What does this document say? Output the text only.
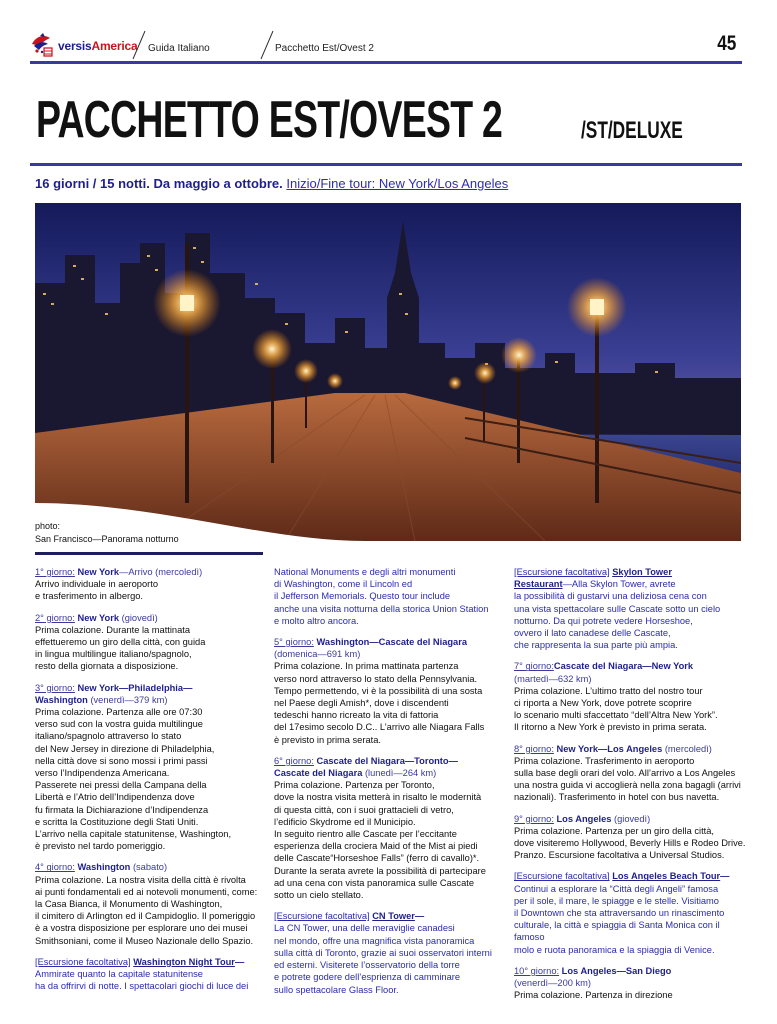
versisAmerica Guida Italiano	Pacchetto Est/Ovest 2	45
PACCHETTO EST/OVEST 2	/ST/DELUXE
16 giorni / 15 notti. Da maggio a ottobre. Inizio/Fine tour: New York/Los Angeles
photo:
San Francisco—Panorama notturno

1° giorno: New York—Arrivo (mercoledì)
Arrivo individuale in aeroporto
e trasferimento in albergo.

2° giorno: New York (giovedì)
Prima colazione. Durante la mattinata
effettueremo un giro della città, con guida
in lingua multilingue italiano/spagnolo,
resto della giornata a disposizione.

3° giorno: New York—Philadelphia—
Washington (venerdì—379 km)
Prima colazione. Partenza alle ore 07:30
verso sud con la vostra guida multilingue
italiano/spagnolo attraverso lo stato
del New Jersey in direzione di Philadelphia,
nella città dove si sono mossi i primi passi
verso l’Indipendenza Americana.
Passerete nei pressi della Campana della
Libertà e l’Atrio dell’Indipendenza dove
fu firmata la Dichiarazione d’Indipendenza
e scritta la Costituzione degli Stati Uniti.
L’arrivo nella capitale statunitense, Washington,
è previsto nel tardo pomeriggio.

4° giorno: Washington (sabato)
Prima colazione. La nostra visita della città è rivolta
ai punti fondamentali ed ai notevoli monumenti, come:
la Casa Bianca, il Monumento di Washington,
il cimitero di Arlington ed il Campidoglio. Il pomeriggio
è a vostra disposizione per esplorare uno dei musei
Smithsoniani, come il Museo Nazionale dello Spazio.

[Escursione facoltativa] Washington Night Tour—
Ammirate quanto la capitale statunitense
ha da offrirvi di notte. I spettacolari giochi di luce dei

National Monuments e degli altri monumenti
di Washington, come il Lincoln ed
il Jefferson Memorials. Questo tour include
anche una visita notturna della storica Union Station
e molto altro ancora.

5° giorno: Washington—Cascate del Niagara
(domenica—691 km)
Prima colazione. In prima mattinata partenza
verso nord attraverso lo stato della Pennsylvania.
Tempo permettendo, vi è la possibilità di una sosta
nel Paese degli Amish*, dove i discendenti
tedeschi hanno ricreato la vita di fattoria
del 17esimo secolo D.C.. L’arrivo alle Niagara Falls
è previsto in prima serata.

6° giorno: Cascate del Niagara—Toronto—
Cascate del Niagara (lunedì—264 km)
Prima colazione. Partenza per Toronto,
dove la nostra visita metterà in risalto le modernità
di questa città, con i suoi grattacieli di vetro,
l’edificio Skydrome ed il Municipio.
In seguito rientro alle Cascate per l’eccitante
esperienza della crociera Maid of the Mist ai piedi
delle Cascate“Horseshoe Falls” (ferro di cavallo)*.
Durante la serata avrete la possibilità di partecipare
ad una cena con vista panoramica sulle Cascate
sotto un cielo stellato.

[Escursione facoltativa] CN Tower—
La CN Tower, una delle meraviglie canadesi
nel mondo, offre una magnifica vista panoramica
sulla città di Toronto, grazie ai suoi osservatori interni
ed esterni. Visiterete l’osservatorio della torre
e potrete godere dell’esprienza di camminare
sullo spettacolare Glass Floor.

[Escursione facoltativa] Skylon Tower
Restaurant—Alla Skylon Tower, avrete
la possibilità di gustarvi una deliziosa cena con
una vista spettacolare sulle Cascate sotto un cielo
notturno. Da qui potrete vedere Horseshoe,
ovvero il lato canadese delle Cascate,
che rappresenta la sua parte più ampia.

7° giorno:Cascate del Niagara—New York
(martedì—632 km)
Prima colazione. L’ultimo tratto del nostro tour
ci riporta a New York, dove potrete scoprire
lo scenario multi sfaccettato “dell’Altra New York”.
Il ritorno a New York è previsto in prima serata.

8° giorno: New York—Los Angeles (mercoledì)
Prima colazione. Trasferimento in aeroporto
sulla base degli orari del volo. All’arrivo a Los Angeles
una nostra guida vi accoglierà nella zona bagagli (arrivi
nazionali). Trasferimento in hotel con bus navetta.

9° giorno: Los Angeles (giovedì)
Prima colazione. Partenza per un giro della città,
dove visiteremo Hollywood, Beverly Hills e Rodeo Drive.
Pranzo. Escursione facoltativa a Universal Studios.

[Escursione facoltativa] Los Angeles Beach Tour—
Continui a esplorare la “Città degli Angeli” famosa
per il sole, il mare, le spiagge e le stelle. Visitiamo
il Downtown che sta attraversando un rinascimento
culturale, la città e spiaggia di Santa Monica con il famoso
molo e ruota panoramica e la spiaggia di Venice.

10° giorno: Los Angeles—San Diego
(venerdì—200 km)
Prima colazione. Partenza in direzione
